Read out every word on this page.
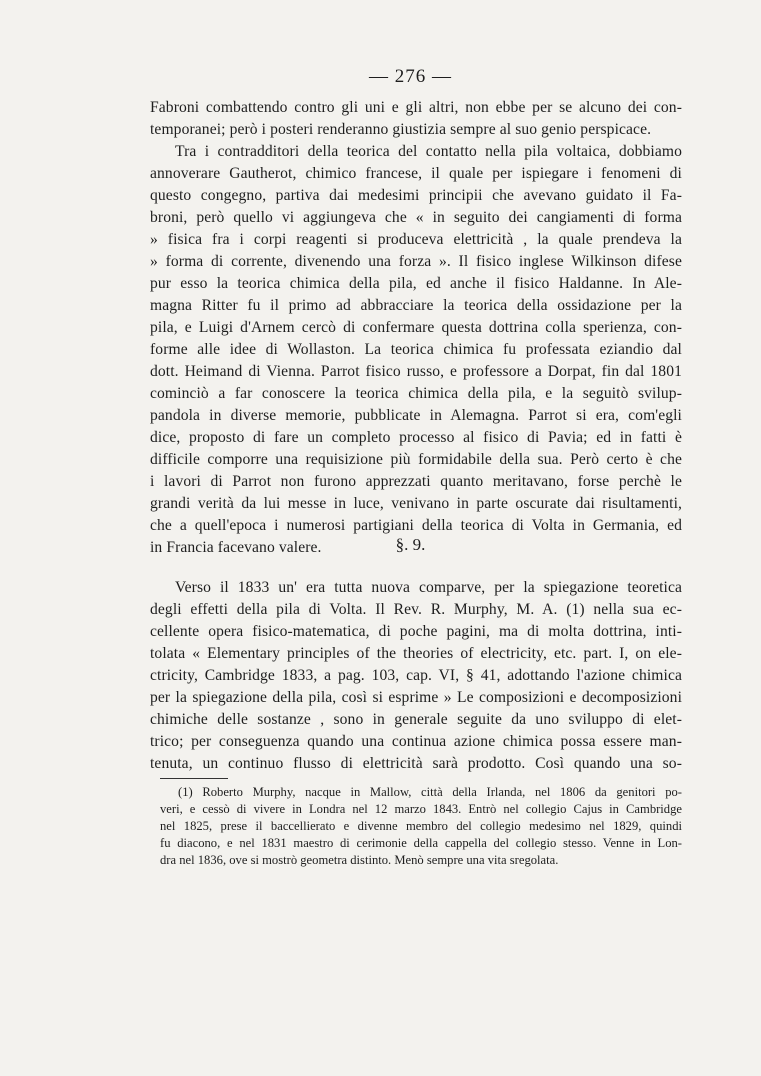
— 276 —
Fabroni combattendo contro gli uni e gli altri, non ebbe per se alcuno dei con-
temporanei; però i posteri renderanno giustizia sempre al suo genio perspicace.
Tra i contradditori della teorica del contatto nella pila voltaica, dobbiamo
annoverare Gautherot, chimico francese, il quale per ispiegare i fenomeni di
questo congegno, partiva dai medesimi principii che avevano guidato il Fa-
broni, però quello vi aggiungeva che « in seguito dei cangiamenti di forma
» fisica fra i corpi reagenti si produceva elettricità , la quale prendeva la
» forma di corrente, divenendo una forza ». Il fisico inglese Wilkinson difese
pur esso la teorica chimica della pila, ed anche il fisico Haldanne. In Ale-
magna Ritter fu il primo ad abbracciare la teorica della ossidazione per la
pila, e Luigi d'Arnem cercò di confermare questa dottrina colla sperienza, con-
forme alle idee di Wollaston. La teorica chimica fu professata eziandio dal
dott. Heimand di Vienna. Parrot fisico russo, e professore a Dorpat, fin dal 1801
cominciò a far conoscere la teorica chimica della pila, e la seguitò svilup-
pandola in diverse memorie, pubblicate in Alemagna. Parrot si era, com'egli
dice, proposto di fare un completo processo al fisico di Pavia; ed in fatti è
difficile comporre una requisizione più formidabile della sua. Però certo è che
i lavori di Parrot non furono apprezzati quanto meritavano, forse perchè le
grandi verità da lui messe in luce, venivano in parte oscurate dai risultamenti,
che a quell'epoca i numerosi partigiani della teorica di Volta in Germania, ed
in Francia facevano valere.	§. 9.
Verso il 1833 un' era tutta nuova comparve, per la spiegazione teoretica
degli effetti della pila di Volta. Il Rev. R. Murphy, M. A. (1) nella sua ec-
cellente opera fisico-matematica, di poche pagini, ma di molta dottrina, inti-
tolata « Elementary principles of the theories of electricity, etc. part. I, on ele-
ctricity, Cambridge 1833, a pag. 103, cap. VI, § 41, adottando l'azione chimica
per la spiegazione della pila, così si esprime » Le composizioni e decomposizioni
chimiche delle sostanze , sono in generale seguite da uno sviluppo di elet-
trico; per conseguenza quando una continua azione chimica possa essere man-
tenuta, un continuo flusso di elettricità sarà prodotto. Così quando una so-
(1) Roberto Murphy, nacque in Mallow, città della Irlanda, nel 1806 da genitori po-
veri, e cessò di vivere in Londra nel 12 marzo 1843. Entrò nel collegio Cajus in Cambridge
nel 1825, prese il baccellierato e divenne membro del collegio medesimo nel 1829, quindi
fu diacono, e nel 1831 maestro di cerimonie della cappella del collegio stesso. Venne in Lon-
dra nel 1836, ove si mostrò geometra distinto. Menò sempre una vita sregolata.
